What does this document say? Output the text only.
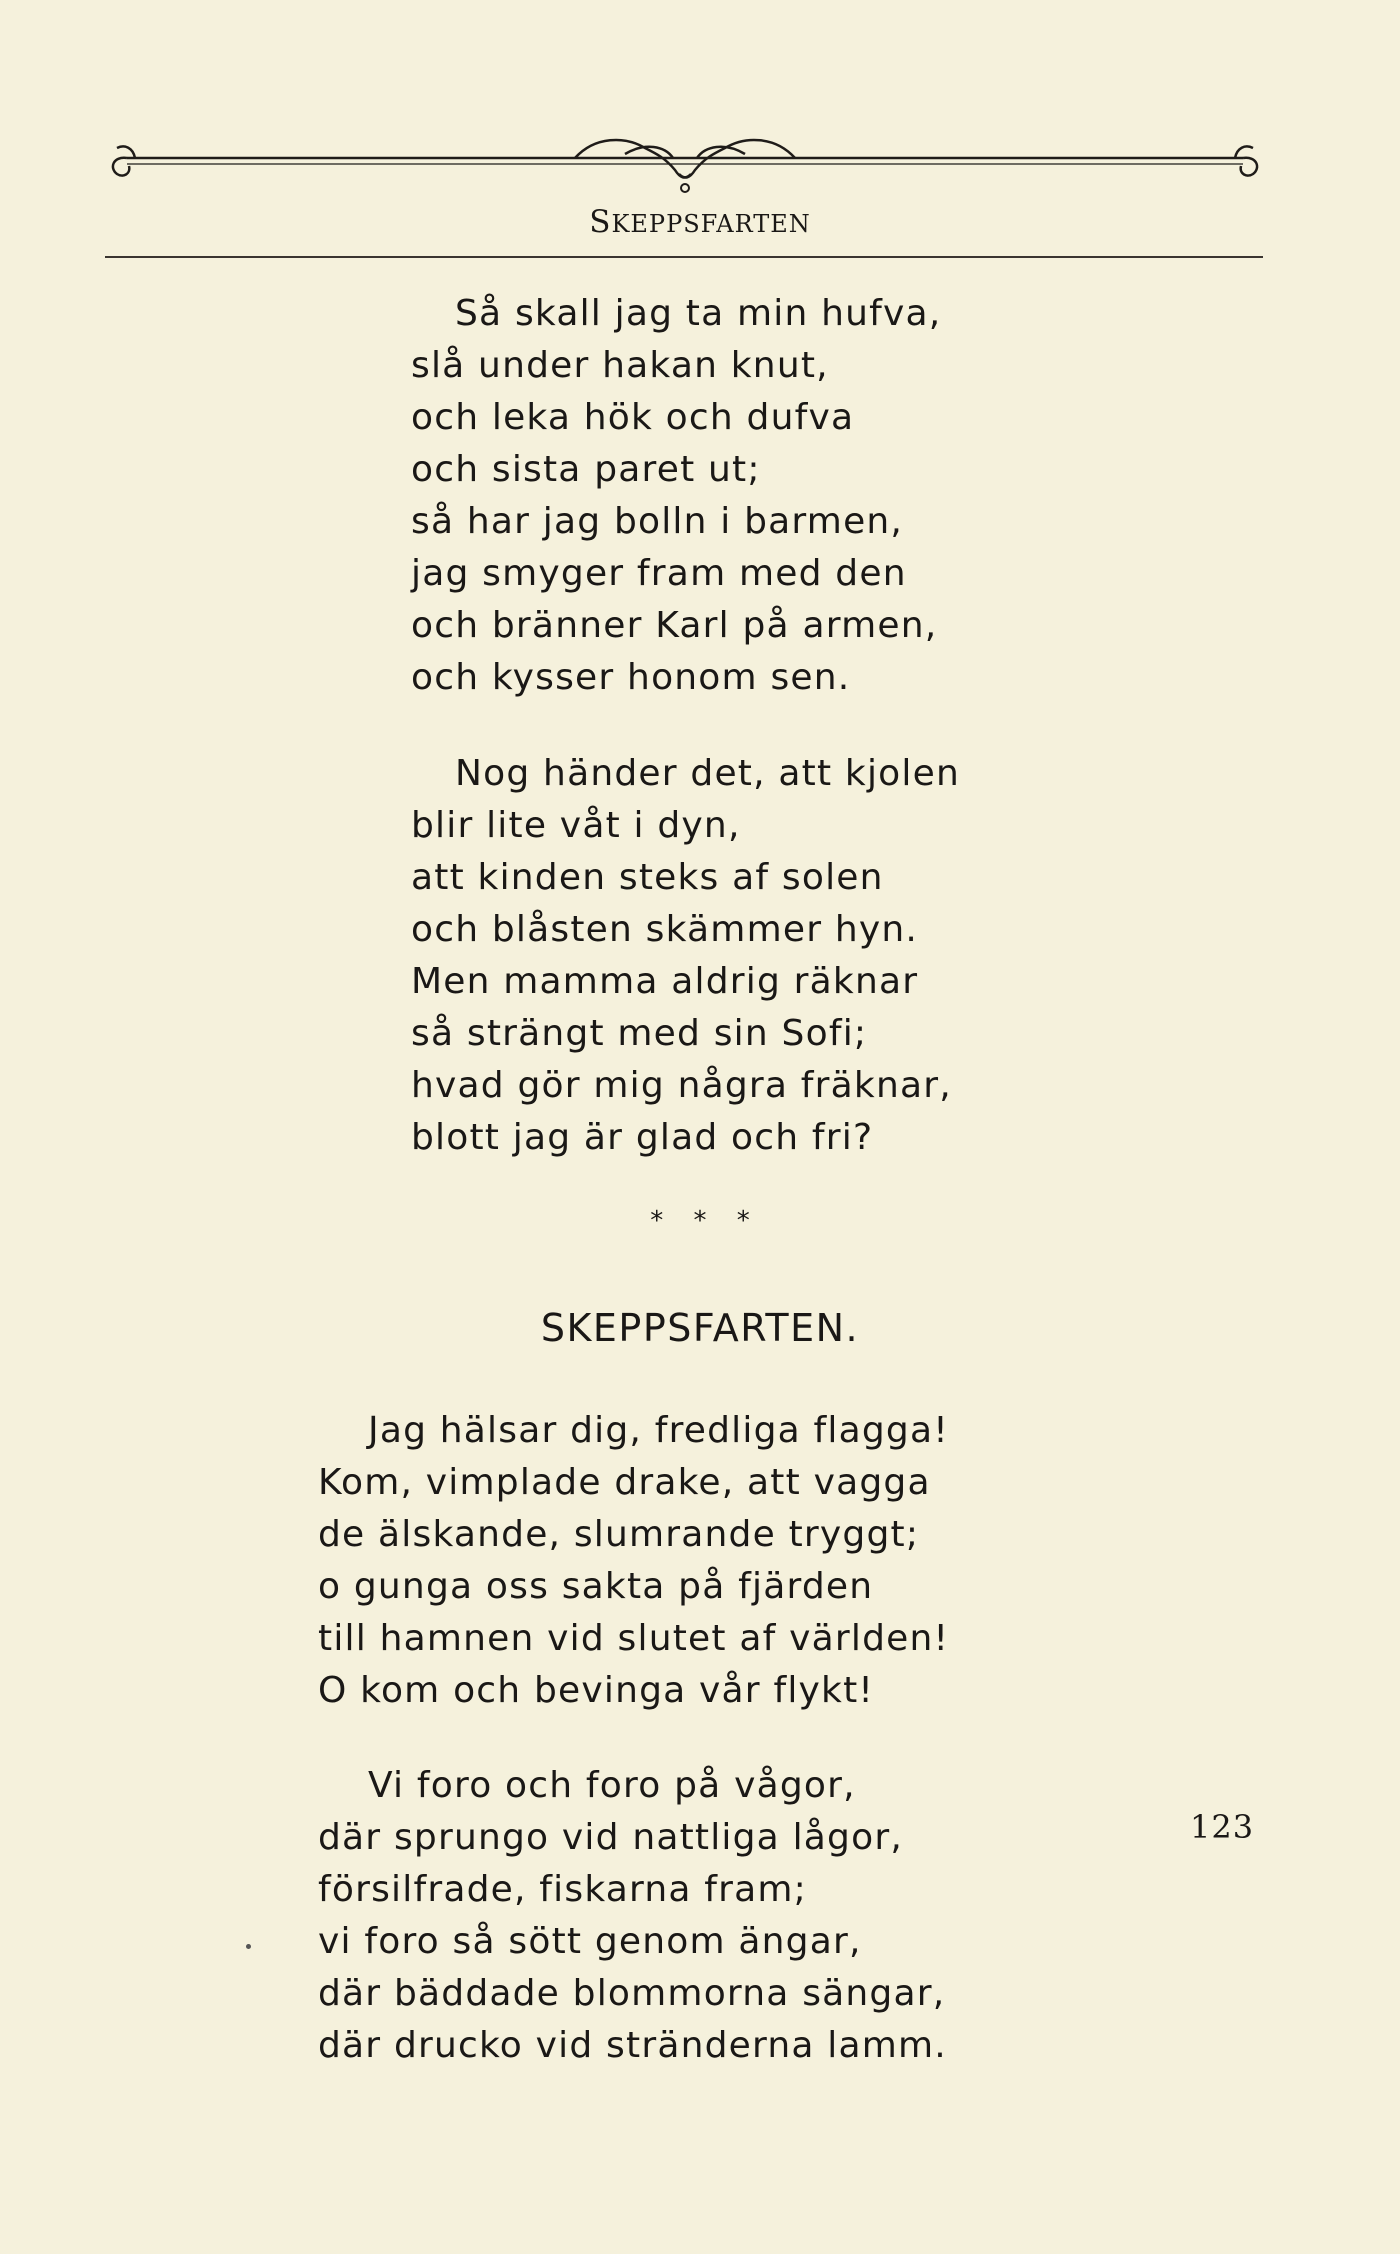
SKEPPSFARTEN
Så skall jag ta min hufva,
slå under hakan knut,
och leka hök och dufva
och sista paret ut;
så har jag bolln i barmen,
jag smyger fram med den
och bränner Karl på armen,
och kysser honom sen.
Nog händer det, att kjolen
blir lite våt i dyn,
att kinden steks af solen
och blåsten skämmer hyn.
Men mamma aldrig räknar
så strängt med sin Sofi;
hvad gör mig några fräknar,
blott jag är glad och fri?
* * *
SKEPPSFARTEN.
Jag hälsar dig, fredliga flagga!
Kom, vimplade drake, att vagga
de älskande, slumrande tryggt;
o gunga oss sakta på fjärden
till hamnen vid slutet af världen!
O kom och bevinga vår flykt!
Vi foro och foro på vågor,
där sprungo vid nattliga lågor,
försilfrade, fiskarna fram;
vi foro så sött genom ängar,
där bäddade blommorna sängar,
där drucko vid stränderna lamm.
123
